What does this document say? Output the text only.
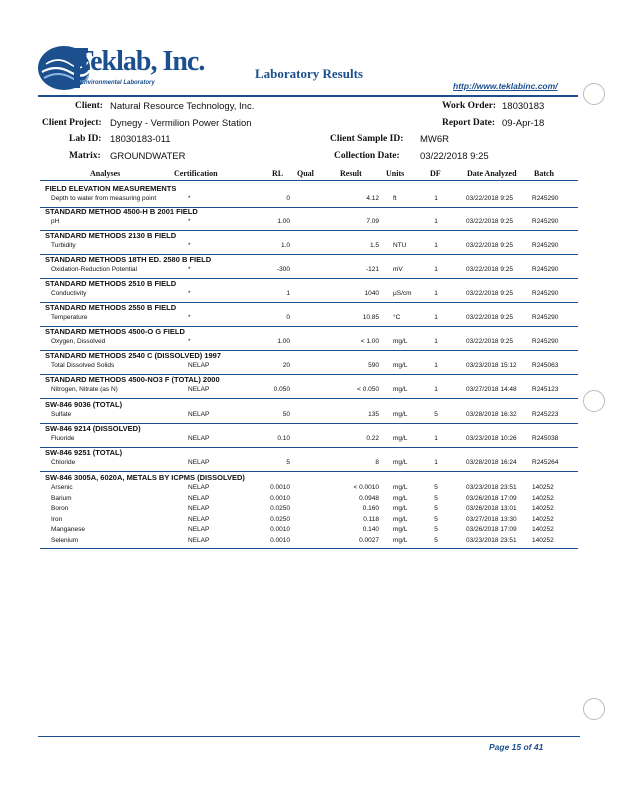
Teklab, Inc.
Environmental Laboratory
Laboratory Results
http://www.teklabinc.com/
Client: Natural Resource Technology, Inc.
Client Project: Dynegy - Vermilion Power Station
Lab ID: 18030183-011
Matrix: GROUNDWATER
Work Order: 18030183
Report Date: 09-Apr-18
Client Sample ID: MW6R
Collection Date: 03/22/2018 9:25
Analyses	Certification	RL Qual	Result	Units	DF	Date Analyzed Batch
FIELD ELEVATION MEASUREMENTS
Depth to water from measuring point	*	0	4.12 ft	1	03/22/2018 9:25	R245290
STANDARD METHOD 4500-H B 2001 FIELD
pH	*	1.00	7.09	1	03/22/2018 9:25	R245290
STANDARD METHODS 2130 B FIELD
Turbidity	*	1.0	1.5 NTU	1	03/22/2018 9:25	R245290
STANDARD METHODS 18TH ED. 2580 B FIELD
Oxidation-Reduction Potential	*	-300	-121 mV	1	03/22/2018 9:25	R245290
STANDARD METHODS 2510 B FIELD
Conductivity	*	1	1040 µS/cm	1	03/22/2018 9:25	R245290
STANDARD METHODS 2550 B FIELD
Temperature	*	0	10.85 °C	1	03/22/2018 9:25	R245290
STANDARD METHODS 4500-O G FIELD
Oxygen, Dissolved	*	1.00	< 1.00 mg/L	1	03/22/2018 9:25	R245290
STANDARD METHODS 2540 C (DISSOLVED) 1997
Total Dissolved Solids	NELAP	20	590 mg/L	1	03/23/2018 15:12 R245063
STANDARD METHODS 4500-NO3 F (TOTAL) 2000
Nitrogen, Nitrate (as N)	NELAP	0.050	< 0.050 mg/L	1	03/27/2018 14:48 R245123
SW-846 9036 (TOTAL)
Sulfate	NELAP	50	135 mg/L	5	03/28/2018 16:32 R245223
SW-846 9214 (DISSOLVED)
Fluoride	NELAP	0.10	0.22 mg/L	1	03/23/2018 10:26 R245038
SW-846 9251 (TOTAL)
Chloride	NELAP	5	8 mg/L	1	03/28/2018 16:24 R245264
SW-846 3005A, 6020A, METALS BY ICPMS (DISSOLVED)
Arsenic	NELAP	0.0010	< 0.0010 mg/L	5	03/23/2018 23:51 140252
Barium	NELAP	0.0010	0.0948 mg/L	5	03/26/2018 17:09 140252
Boron	NELAP	0.0250	0.160 mg/L	5	03/26/2018 13:01 140252
Iron	NELAP	0.0250	0.118 mg/L	5	03/27/2018 13:30 140252
Manganese	NELAP	0.0010	0.140 mg/L	5	03/26/2018 17:09 140252
Selenium	NELAP	0.0010	0.0027 mg/L	5	03/23/2018 23:51 140252
Page 15 of 41
